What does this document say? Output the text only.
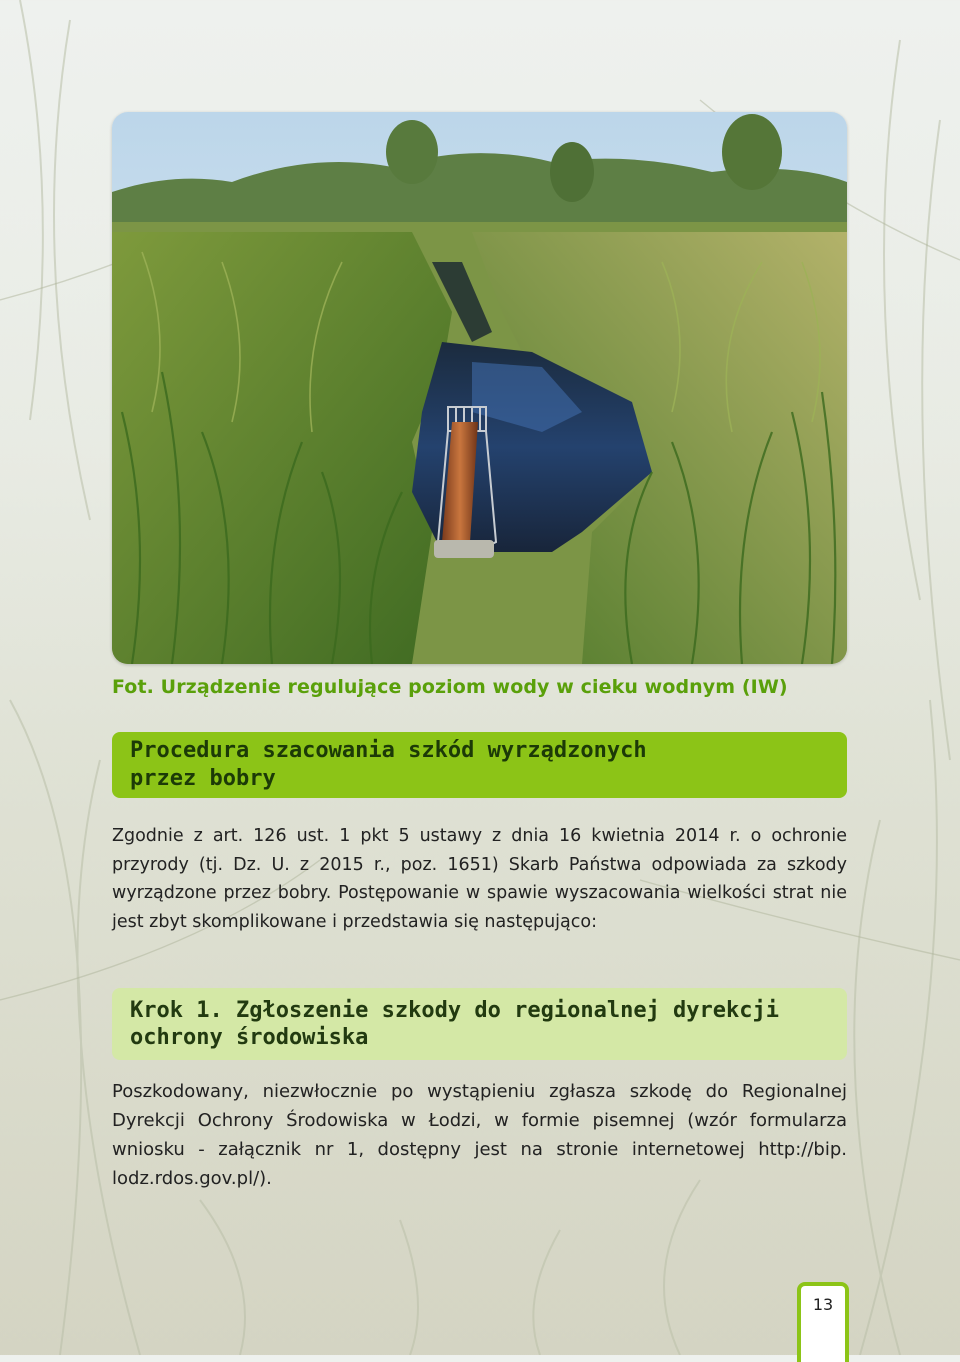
Fot. Urządzenie regulujące poziom wody w cieku wodnym (IW)
Procedura szacowania szkód wyrządzonych
przez bobry
Zgodnie z art. 126 ust. 1 pkt 5 ustawy z dnia 16 kwietnia 2014 r. o ochronie przyrody (tj. Dz. U. z 2015 r., poz. 1651) Skarb Państwa odpowiada za szkody wyrządzone przez bobry. Postępowanie w spawie wyszacowania wielkości strat nie jest zbyt skomplikowane i przedstawia się następująco:
Krok 1. Zgłoszenie szkody do regionalnej dyrekcji
ochrony środowiska
Poszkodowany, niezwłocznie po wystąpieniu zgłasza szkodę do Regionalnej Dyrekcji Ochrony Środowiska w Łodzi, w formie pisemnej (wzór formularza wniosku - załącznik nr 1, dostępny jest na stronie internetowej http://bip. lodz.rdos.gov.pl/).
13
